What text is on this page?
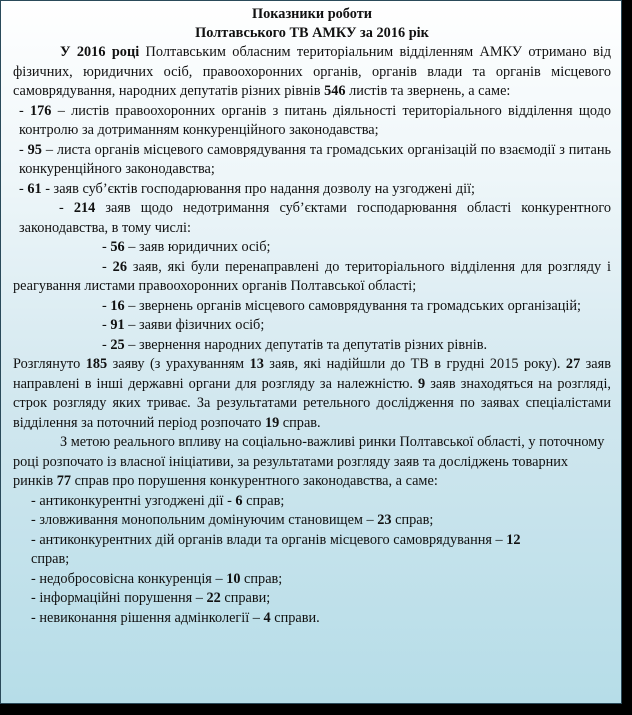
Показники роботи
Полтавського ТВ АМКУ за 2016 рік

У 2016 році Полтавським обласним територіальним відділенням АМКУ отримано від фізичних, юридичних осіб, правоохоронних органів, органів влади та органів місцевого самоврядування, народних депутатів різних рівнів 546 листів та звернень, а саме:

- 176 – листів правоохоронних органів з питань діяльності територіального відділення щодо контролю за дотриманням конкуренційного законодавства;
- 95 – листа органів місцевого самоврядування та громадських організацій по взаємодії з питань конкуренційного законодавства;
- 61 - заяв суб’єктів господарювання про надання дозволу на узгоджені дії;
- 214 заяв щодо недотримання суб’єктами господарювання області конкурентного законодавства, в тому числі:
- 56 – заяв юридичних осіб;
- 26 заяв, які були перенаправлені до територіального відділення для розгляду і реагування листами правоохоронних органів Полтавської області;
- 16 – звернень органів місцевого самоврядування та громадських організацій;
- 91 – заяви фізичних осіб;
- 25 – звернення народних депутатів та депутатів різних рівнів.

Розглянуто 185 заяву (з урахуванням 13 заяв, які надійшли до ТВ в грудні 2015 року). 27 заяв направлені в інші державні органи для розгляду за належністю. 9 заяв знаходяться на розгляді, строк розгляду яких триває. За результатами ретельного дослідження по заявах спеціалістами відділення за поточний період розпочато 19 справ.

З метою реального впливу на соціально-важливі ринки Полтавської області, у поточному році розпочато із власної ініціативи, за результатами розгляду заяв та досліджень товарних ринків 77 справ про порушення конкурентного законодавства, а саме:

- антиконкурентні узгоджені дії - 6 справ;
- зловживання монопольним домінуючим становищем – 23 справ;
- антиконкурентних дій органів влади та органів місцевого самоврядування – 12 справ;
- недобросовісна конкуренція – 10 справ;
- інформаційні порушення – 22 справи;
- невиконання рішення адмінколегії – 4 справи.
